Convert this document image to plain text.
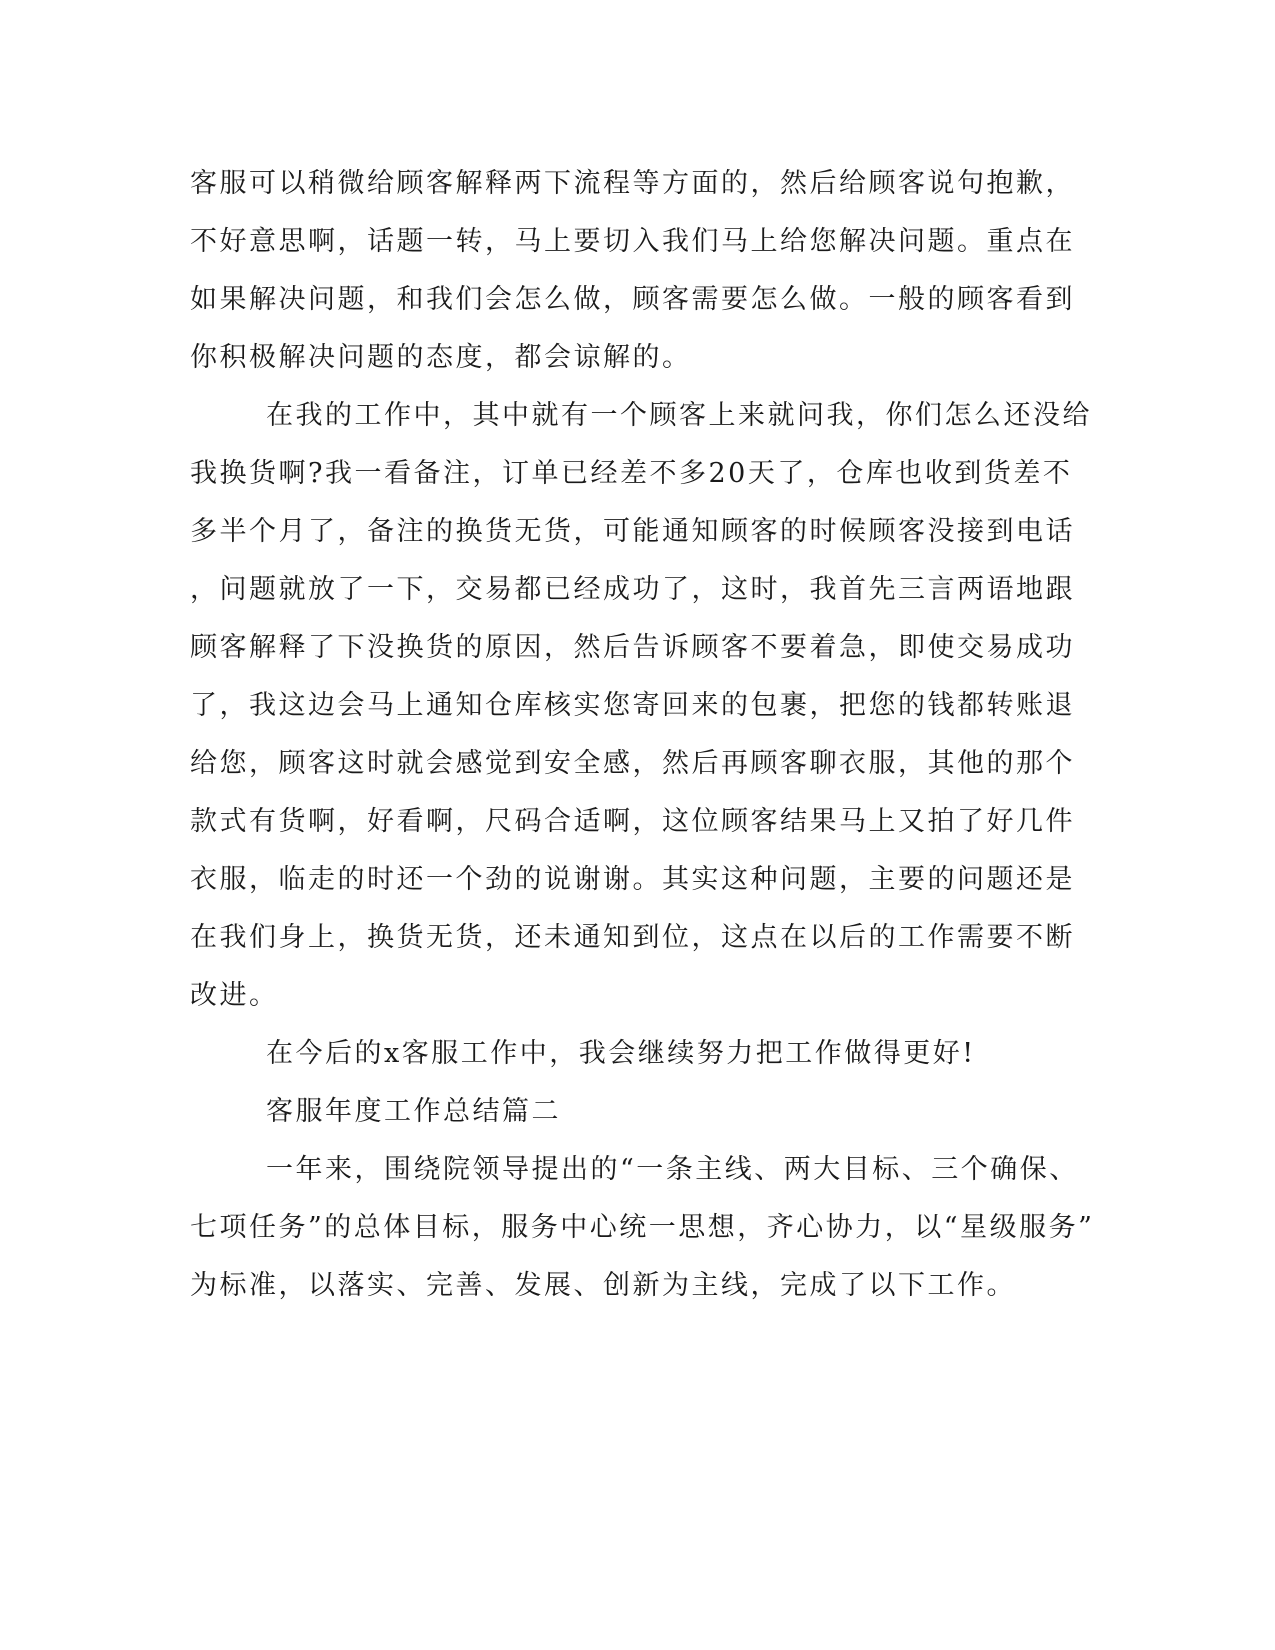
客服可以稍微给顾客解释两下流程等方面的，然后给顾客说句抱歉，
不好意思啊，话题一转，马上要切入我们马上给您解决问题。重点在
如果解决问题，和我们会怎么做，顾客需要怎么做。一般的顾客看到
你积极解决问题的态度，都会谅解的。
在我的工作中，其中就有一个顾客上来就问我，你们怎么还没给
我换货啊?我一看备注，订单已经差不多20天了，仓库也收到货差不
多半个月了，备注的换货无货，可能通知顾客的时候顾客没接到电话
，问题就放了一下，交易都已经成功了，这时，我首先三言两语地跟
顾客解释了下没换货的原因，然后告诉顾客不要着急，即使交易成功
了，我这边会马上通知仓库核实您寄回来的包裹，把您的钱都转账退
给您，顾客这时就会感觉到安全感，然后再顾客聊衣服，其他的那个
款式有货啊，好看啊，尺码合适啊，这位顾客结果马上又拍了好几件
衣服，临走的时还一个劲的说谢谢。其实这种问题，主要的问题还是
在我们身上，换货无货，还未通知到位，这点在以后的工作需要不断
改进。
在今后的x客服工作中，我会继续努力把工作做得更好!
客服年度工作总结篇二
一年来，围绕院领导提出的“一条主线、两大目标、三个确保、
七项任务”的总体目标，服务中心统一思想，齐心协力，以“星级服务”
为标准，以落实、完善、发展、创新为主线，完成了以下工作。
